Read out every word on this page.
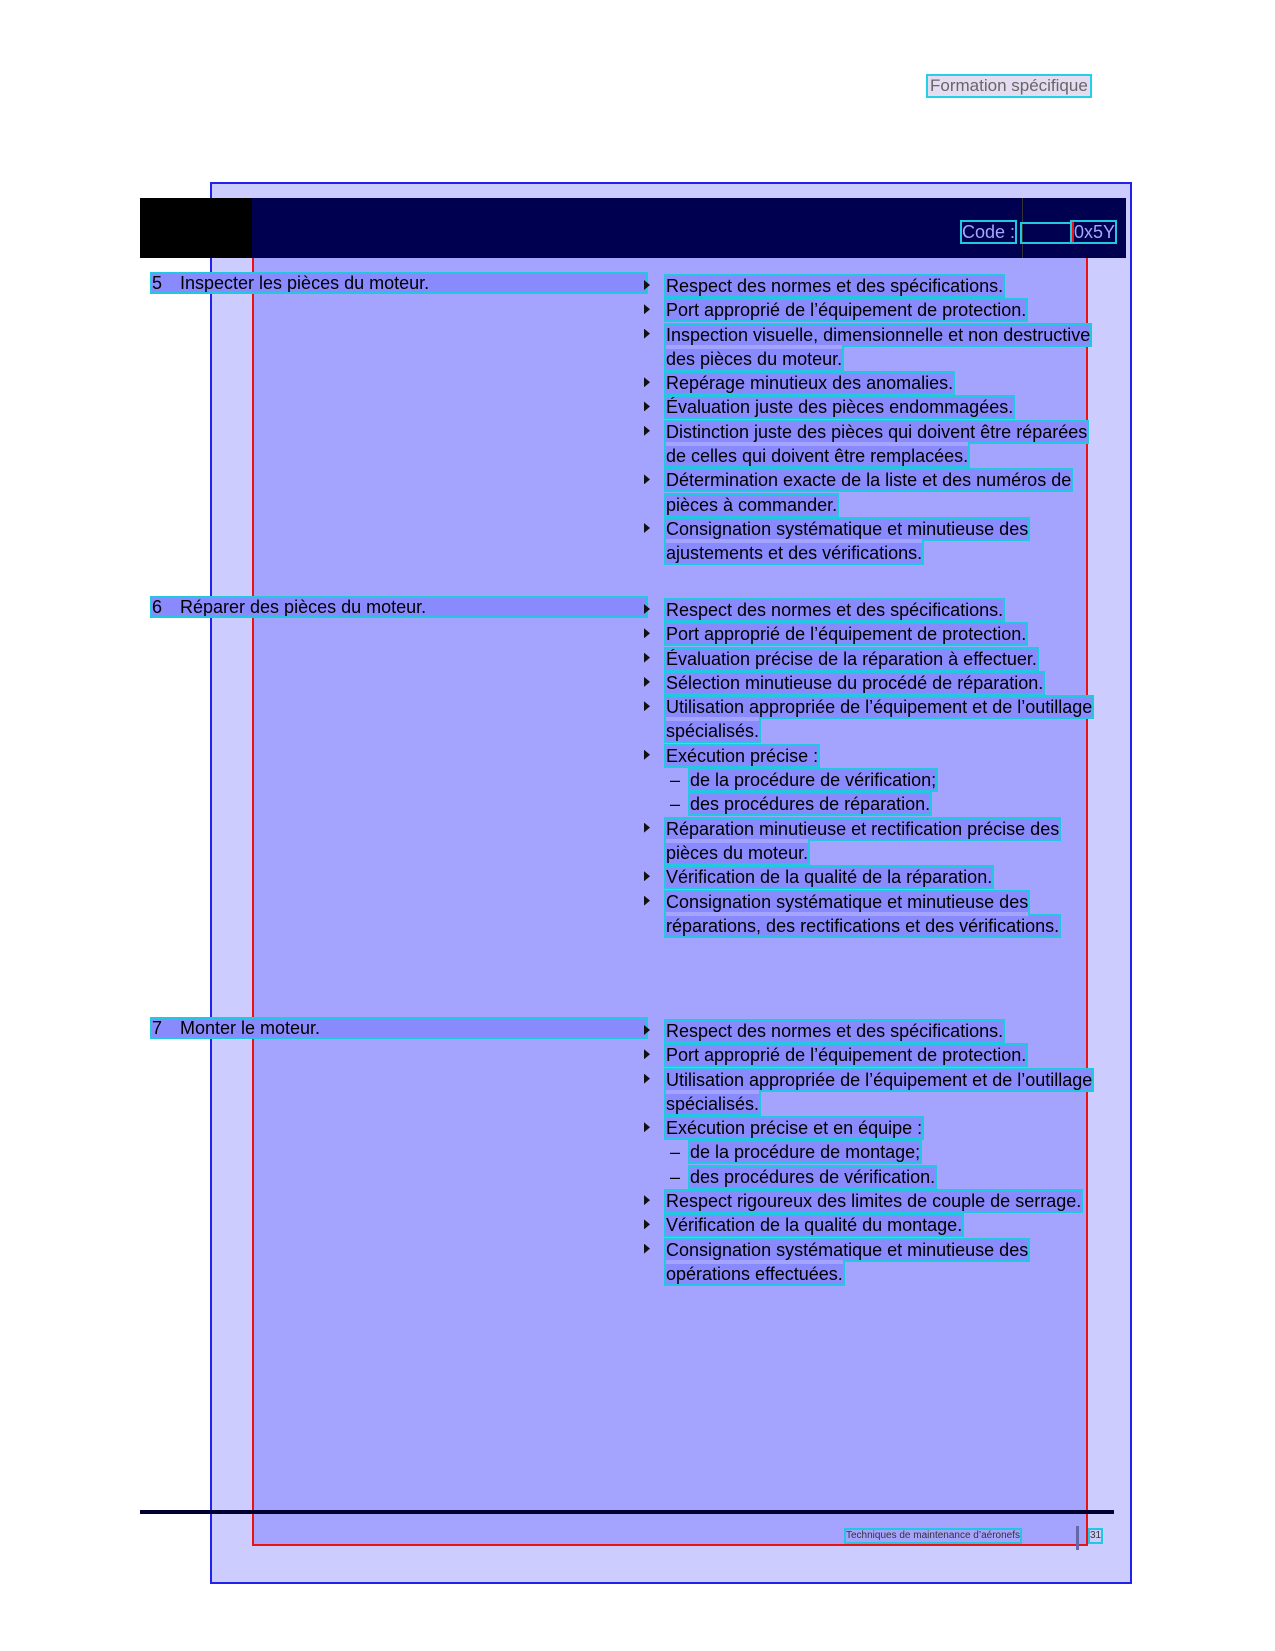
Formation spécifique
Code :	0x5Y
5 Inspecter les pièces du moteur.	Respect des normes et des spécifications.
Port approprié de l’équipement de protection.
Inspection visuelle, dimensionnelle et non destructive des pièces du moteur.
Repérage minutieux des anomalies.
Évaluation juste des pièces endommagées.
Distinction juste des pièces qui doivent être réparées de celles qui doivent être remplacées.
Détermination exacte de la liste et des numéros de pièces à commander.
Consignation systématique et minutieuse des ajustements et des vérifications.
6 Réparer des pièces du moteur.	Respect des normes et des spécifications.
Port approprié de l’équipement de protection.
Évaluation précise de la réparation à effectuer.
Sélection minutieuse du procédé de réparation.
Utilisation appropriée de l’équipement et de l’outillage spécialisés.
Exécution précise :
– de la procédure de vérification;
– des procédures de réparation.
Réparation minutieuse et rectification précise des pièces du moteur.
Vérification de la qualité de la réparation.
Consignation systématique et minutieuse des réparations, des rectifications et des vérifications.
7 Monter le moteur.	Respect des normes et des spécifications.
Port approprié de l’équipement de protection.
Utilisation appropriée de l’équipement et de l’outillage spécialisés.
Exécution précise et en équipe :
– de la procédure de montage;
– des procédures de vérification.
Respect rigoureux des limites de couple de serrage.
Vérification de la qualité du montage.
Consignation systématique et minutieuse des opérations effectuées.
Techniques de maintenance d’aéronefs	31
